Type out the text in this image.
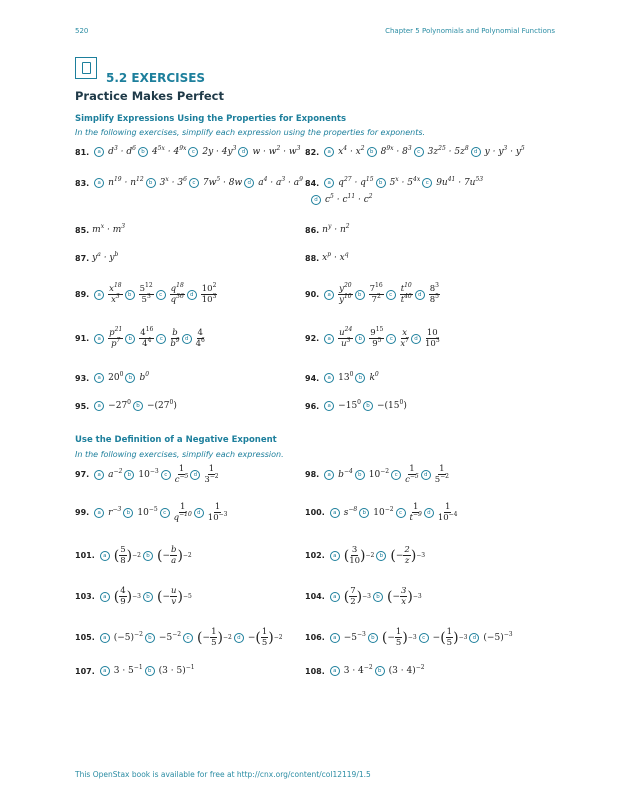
520	Chapter 5 Polynomials and Polynomial Functions
5.2 EXERCISES
Practice Makes Perfect
Simplify Expressions Using the Properties for Exponents
In the following exercises, simplify each expression using the properties for exponents.
81.	a $d^3 \cdot d^6$ b $4^{5x} \cdot 4^{9x}$ c $2y \cdot 4y^3$ d $w \cdot w^2 \cdot w^3$ 82.	a $x^4 \cdot x^2$ b $8^{9x} \cdot 8^3$ c $3z^{25} \cdot 5z^8$ d $y \cdot y^3 \cdot y^5$
83.	a $n^{19} \cdot n^{12}$ b $3^x \cdot 3^6$ c $7w^5 \cdot 8w$ d $a^4 \cdot a^3 \cdot a^9$ 84.	a $q^{27} \cdot q^{15}$ b $5^x \cdot 5^{4x}$ c $9u^{41} \cdot 7u^{53}$
d $c^5 \cdot c^{11} \cdot c^2$
85. $m^x \cdot m^3$	86. $n^y \cdot n^2$
87. $y^a \cdot y^b$	88. $x^p \cdot x^q$
89.	a
$x^{18}$
$x^3$	b
$5^{12}$
$5^3$	c
$q^{18}$
$q^{36}$	d
$10^2$
$10^3$	90.	a
$y^{20}$
$y^{10}$	b
$7^{16}$
$7^2$	c
$t^{10}$
$t^{40}$	d
$8^3$
$8^5$
91.	a
$p^{21}$
$p^7$	b
$4^{16}$
$4^4$	c
b
$b^9$ d
4
$4^6$	92.	a
$u^{24}$
$u^3$	b
$9^{15}$
$9^5$	c
x
$x^7$ d
10
$10^3$
93.	a $20^0$ b $b^0$	94.	a $13^0$ b $k^0$
95.	$a -27^0$ $b -(27^0)$	96.	$a -15^0$ $b -(15^0)$
Use the Definition of a Negative Exponent
In the following exercises, simplify each expression.
97.	a $a^{-2}$ b $10^{-3}$ c
1
$c^{-5}$ d
1
$3^{-2}$	98.	a $b^{-4}$ b $10^{-2}$ c
1
$c^{-5}$ d
1
$5^{-2}$
99.	a $r^{-3}$ b $10^{-5}$ c
1
$q^{-10}$ d
1
$10^{-3}$	100.	a $s^{-8}$ b $10^{-2}$ c
1
$t^{-9}$ d
1
$10^{-4}$
101.	a ( 5
8 ) −2 b ( −
b
a ) −2	102.	a ( 3
10 ) −2 b ( −
2
z ) −3
103.	a ( 4
9 ) −3 b ( −
u
v ) −5	104.	a ( 7
2 ) −3 b ( −
3
x ) −3
105.	a $(-5)^{-2}$ $b -5^{-2}$ c ( −
1
5 ) −2 d − ( 1
5 ) −2	106.	$a -5^{-3}$ b ( −
1
5 ) −3 c − ( 1
5 ) −3 d $(-5)^{-3}$
107.	a $3 \cdot 5^{-1}$ b $(3 \cdot 5)^{-1}$	108.	a $3 \cdot 4^{-2}$ b $(3 \cdot 4)^{-2}$
This OpenStax book is available for free at http://cnx.org/content/col12119/1.5
